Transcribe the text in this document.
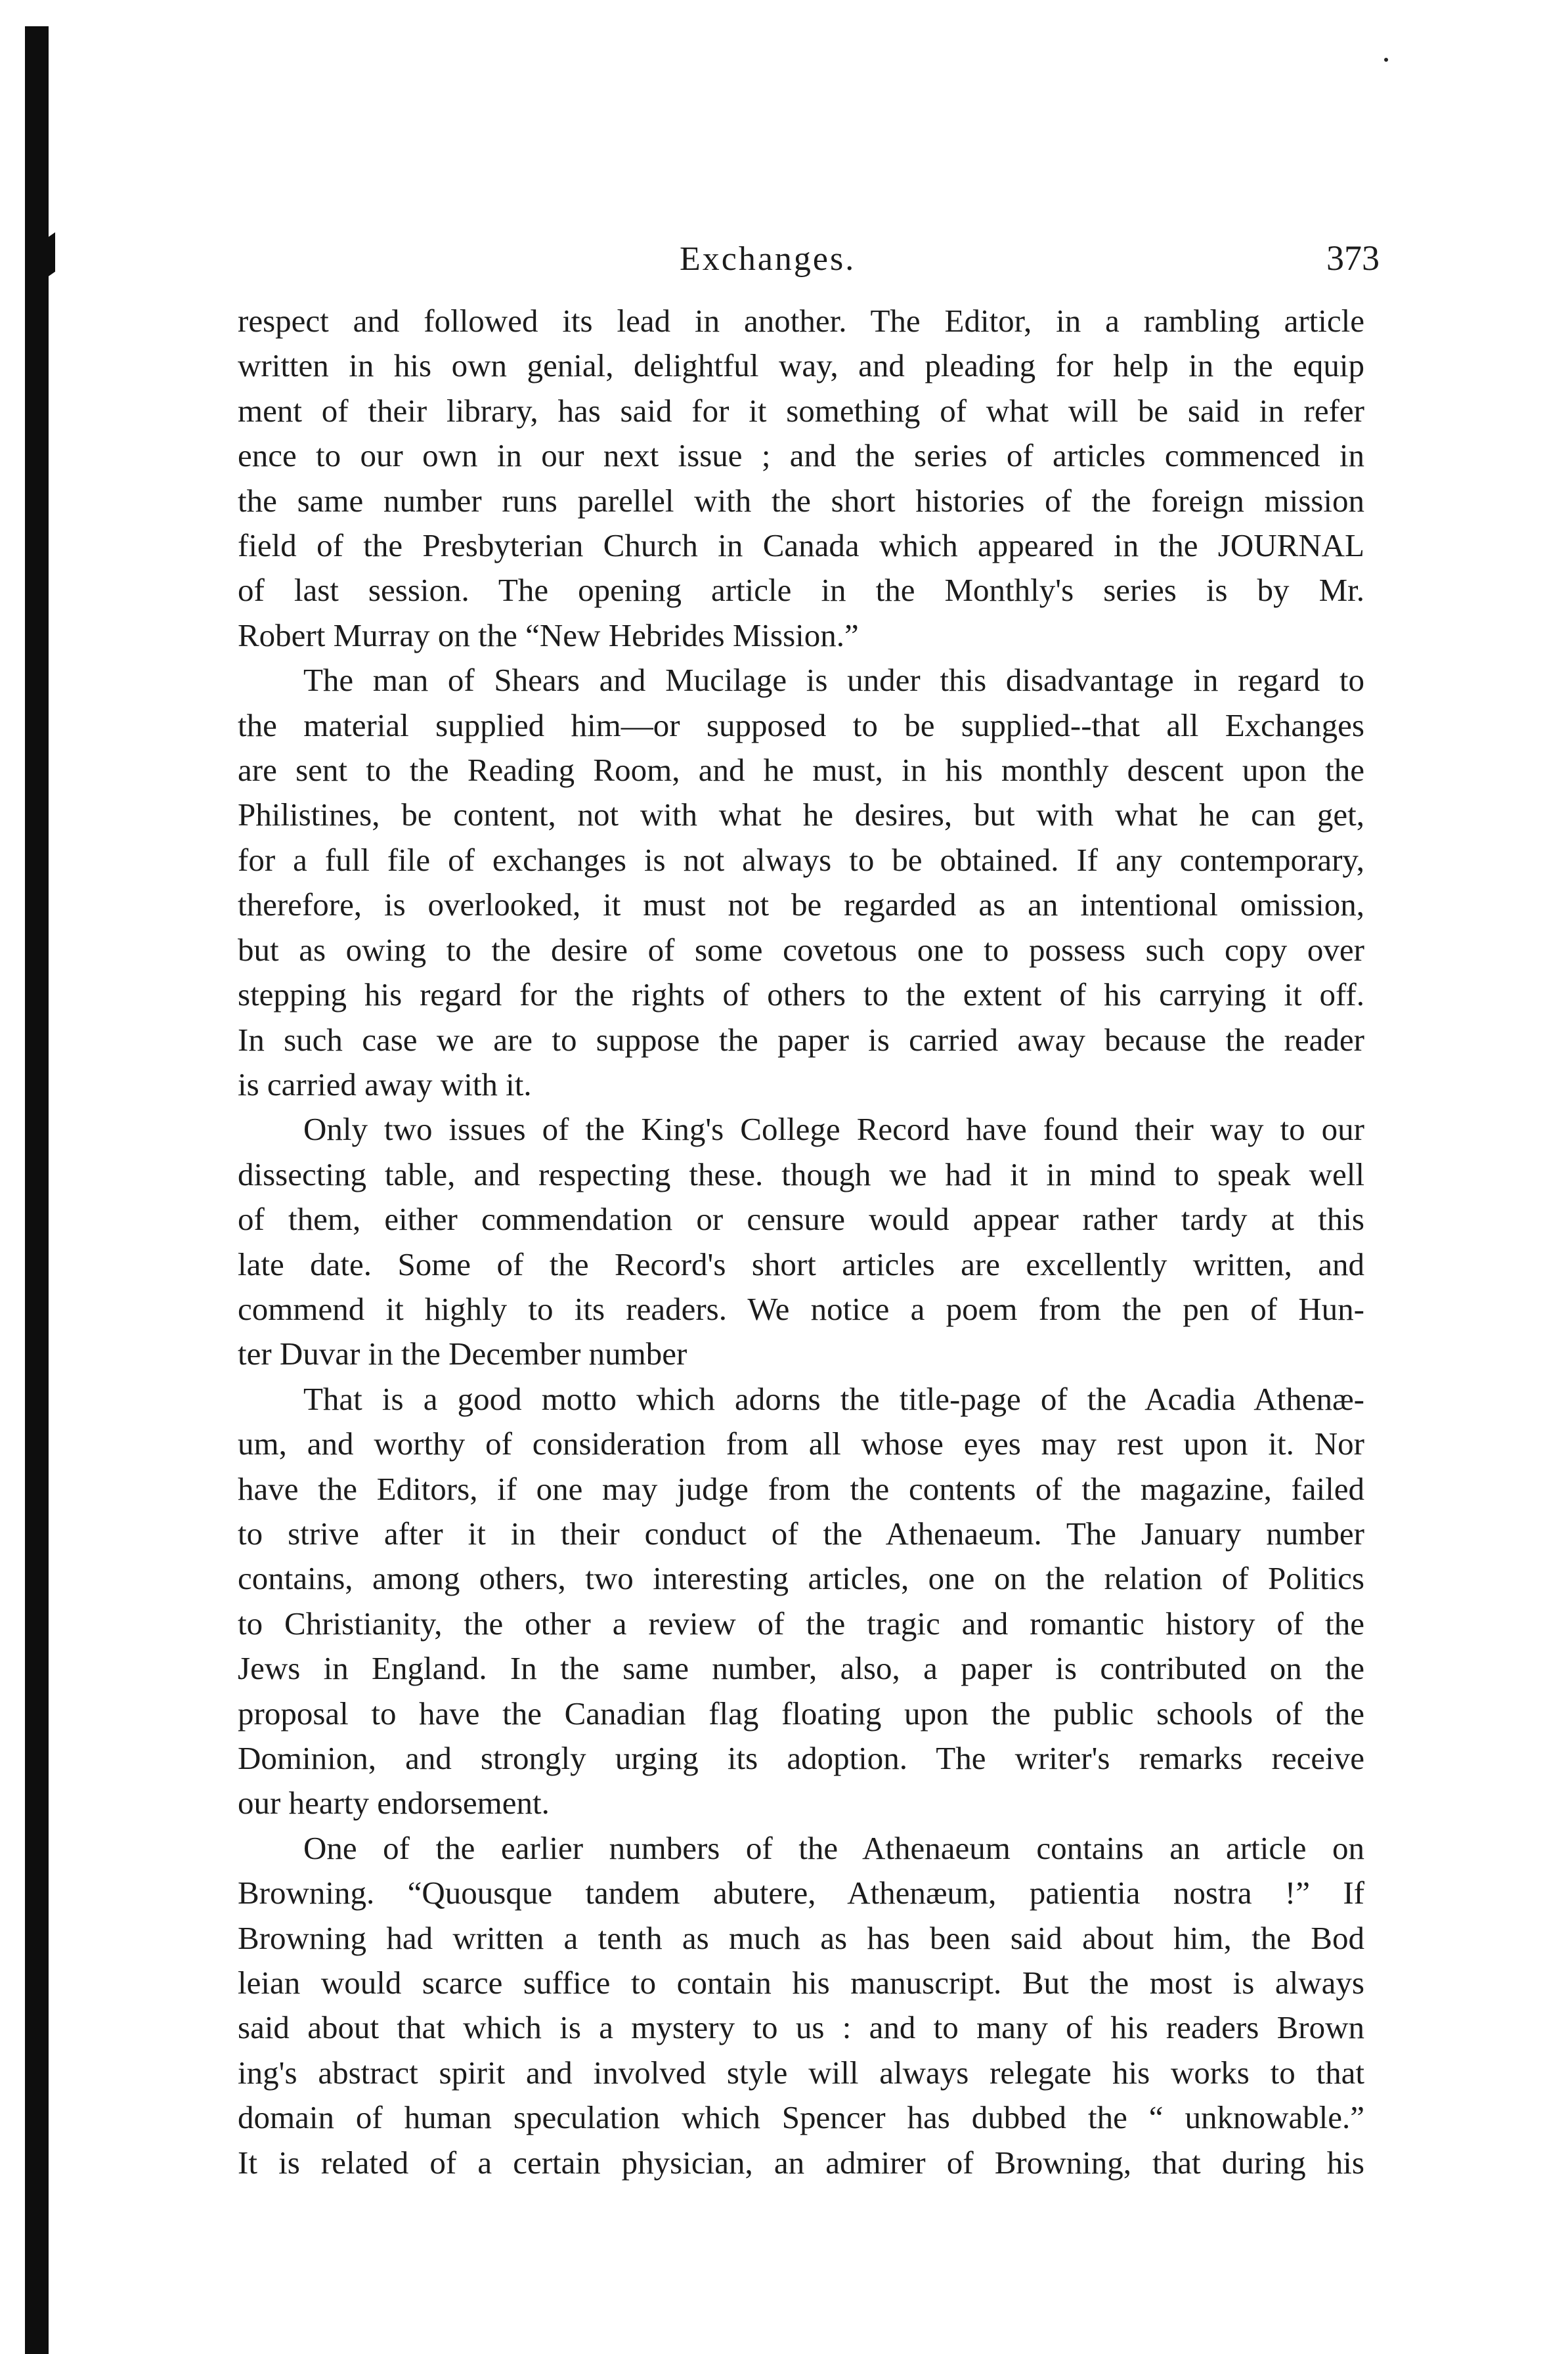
Exchanges.	373
respect and followed its lead in another. The Editor, in a rambling article
written in his own genial, delightful way, and pleading for help in the equip
ment of their library, has said for it something of what will be said in refer
ence to our own in our next issue ; and the series of articles commenced in
the same number runs parellel with the short histories of the foreign mission
field of the Presbyterian Church in Canada which appeared in the JOURNAL
of last session. The opening article in the Monthly's series is by Mr.
Robert Murray on the “New Hebrides Mission.”
The man of Shears and Mucilage is under this disadvantage in regard to
the material supplied him—or supposed to be supplied--that all Exchanges
are sent to the Reading Room, and he must, in his monthly descent upon the
Philistines, be content, not with what he desires, but with what he can get,
for a full file of exchanges is not always to be obtained. If any contemporary,
therefore, is overlooked, it must not be regarded as an intentional omission,
but as owing to the desire of some covetous one to possess such copy over
stepping his regard for the rights of others to the extent of his carrying it off.
In such case we are to suppose the paper is carried away because the reader
is carried away with it.
Only two issues of the King's College Record have found their way to our
dissecting table, and respecting these. though we had it in mind to speak well
of them, either commendation or censure would appear rather tardy at this
late date. Some of the Record's short articles are excellently written, and
commend it highly to its readers. We notice a poem from the pen of Hun-
ter Duvar in the December number
That is a good motto which adorns the title-page of the Acadia Athenæ-
um, and worthy of consideration from all whose eyes may rest upon it. Nor
have the Editors, if one may judge from the contents of the magazine, failed
to strive after it in their conduct of the Athenaeum. The January number
contains, among others, two interesting articles, one on the relation of Politics
to Christianity, the other a review of the tragic and romantic history of the
Jews in England. In the same number, also, a paper is contributed on the
proposal to have the Canadian flag floating upon the public schools of the
Dominion, and strongly urging its adoption. The writer's remarks receive
our hearty endorsement.
One of the earlier numbers of the Athenaeum contains an article on
Browning. “Quousque tandem abutere, Athenæum, patientia nostra !” If
Browning had written a tenth as much as has been said about him, the Bod
leian would scarce suffice to contain his manuscript. But the most is always
said about that which is a mystery to us : and to many of his readers Brown
ing's abstract spirit and involved style will always relegate his works to that
domain of human speculation which Spencer has dubbed the “ unknowable.”
It is related of a certain physician, an admirer of Browning, that during his
